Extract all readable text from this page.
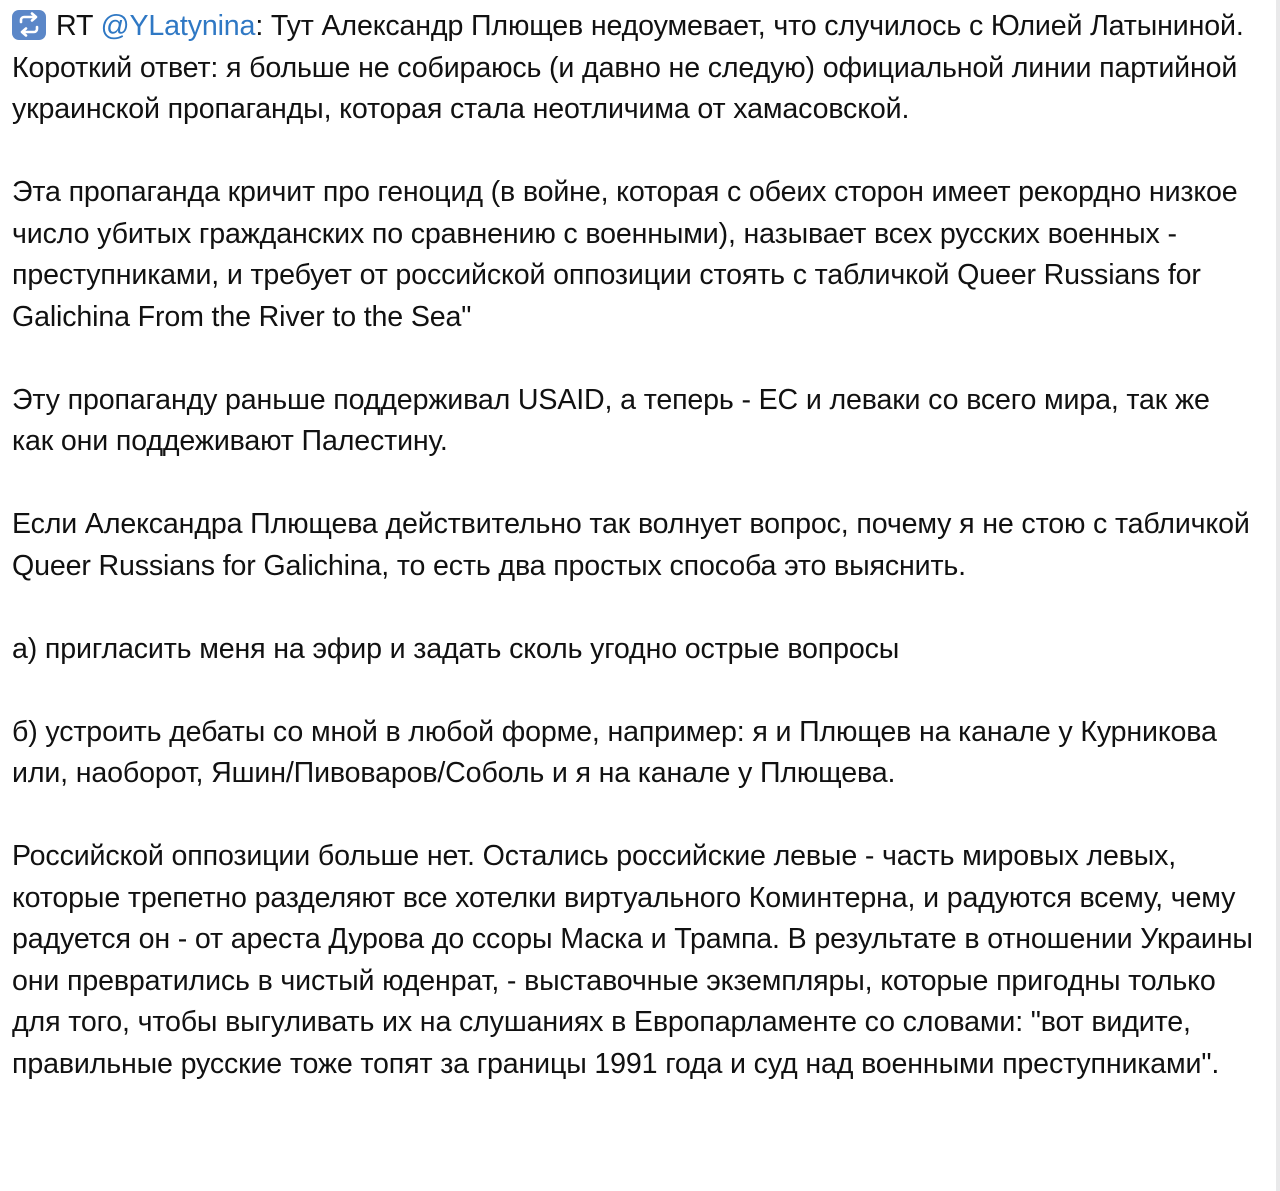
RT @YLatynina: Тут Александр Плющев недоумевает, что случилось с Юлией Латыниной. Короткий ответ: я больше не собираюсь (и давно не следую) официальной линии партийной украинской пропаганды, которая стала неотличима от хамасовской.

Эта пропаганда кричит про геноцид (в войне, которая с обеих сторон имеет рекордно низкое число убитых гражданских по сравнению с военными), называет всех русских военных - преступниками, и требует от российской оппозиции стоять с табличкой Queer Russians for Galichina From the River to the Sea"

Эту пропаганду раньше поддерживал USAID, а теперь - ЕС и леваки со всего мира, так же как они поддеживают Палестину.

Если Александра Плющева действительно так волнует вопрос, почему я не стою с табличкой Queer Russians for Galichina, то есть два простых способа это выяснить.

а) пригласить меня на эфир и задать сколь угодно острые вопросы

б) устроить дебаты со мной в любой форме, например: я и Плющев на канале у Курникова или, наоборот, Яшин/Пивоваров/Соболь и я на канале у Плющева.

Российской оппозиции больше нет. Остались российские левые - часть мировых левых, которые трепетно разделяют все хотелки виртуального Коминтерна, и радуются всему, чему радуется он - от ареста Дурова до ссоры Маска и Трампа. В результате в отношении Украины они превратились в чистый юденрат, - выставочные экземпляры, которые пригодны только для того, чтобы выгуливать их на слушаниях в Европарламенте со словами: "вот видите, правильные русские тоже топят за границы 1991 года и суд над военными преступниками".
